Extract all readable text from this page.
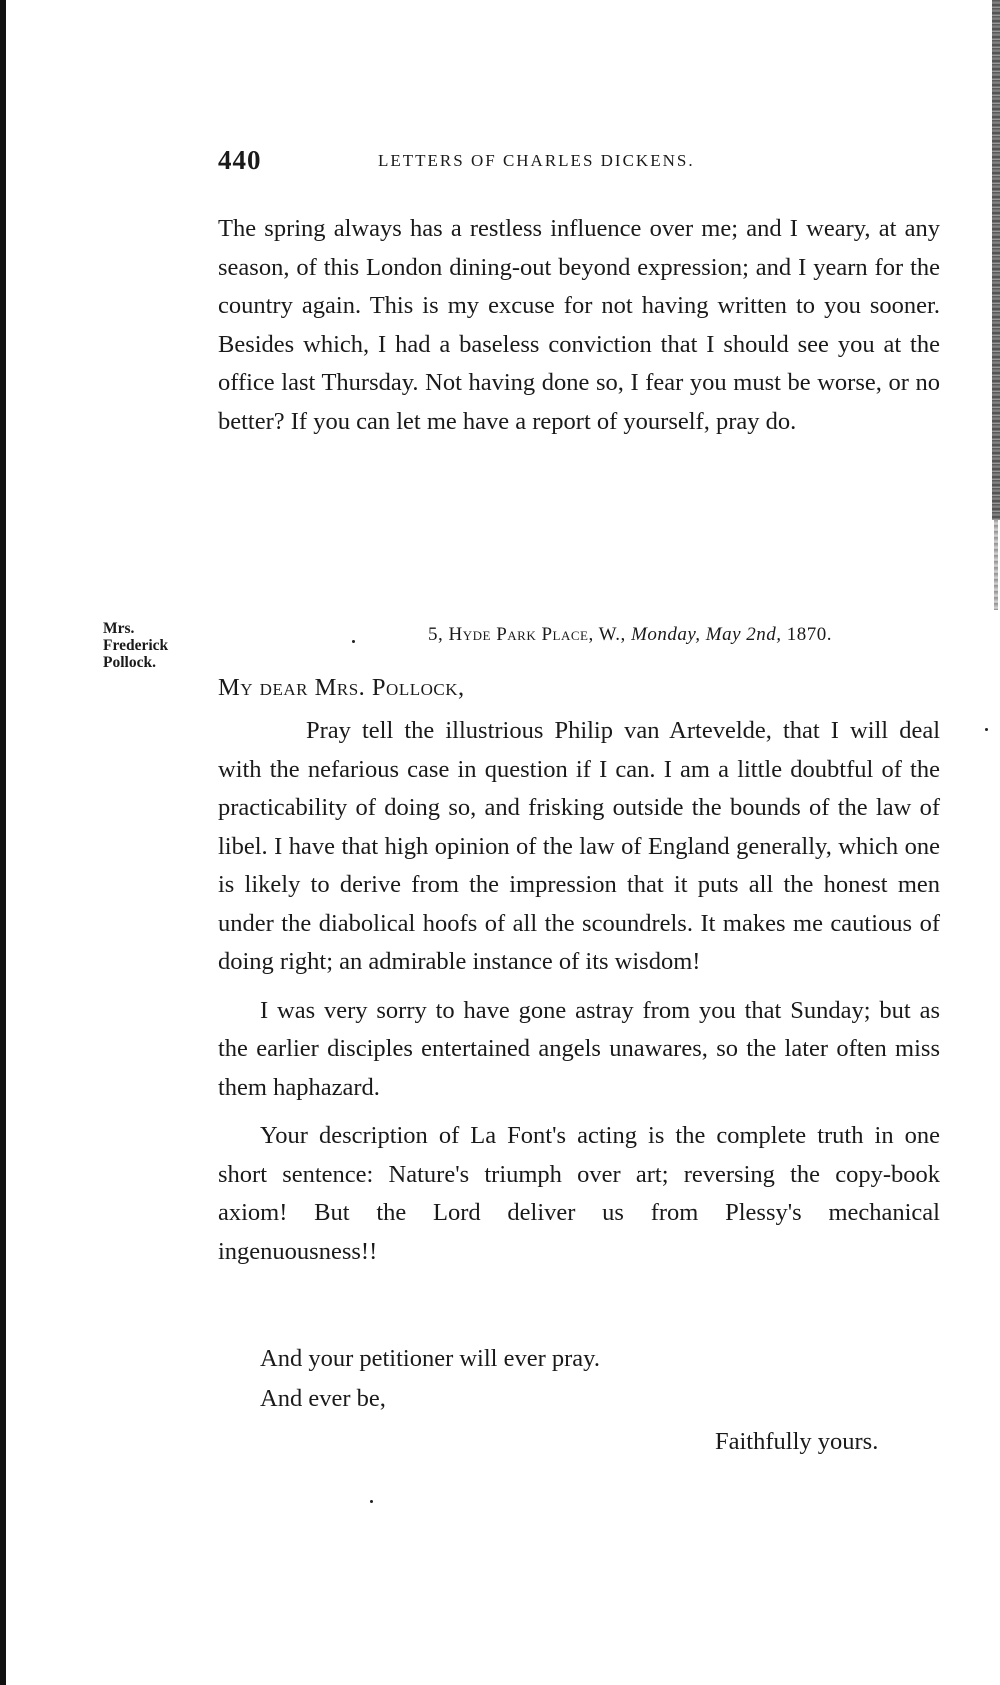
440	LETTERS OF CHARLES DICKENS.
The spring always has a restless influence over me; and I weary, at any season, of this London dining-out beyond expression; and I yearn for the country again. This is my excuse for not having written to you sooner. Besides which, I had a baseless conviction that I should see you at the office last Thursday. Not having done so, I fear you must be worse, or no better? If you can let me have a report of yourself, pray do.
Mrs.
Frederick
Pollock.
5, Hyde Park Place, W., Monday, May 2nd, 1870.
My dear Mrs. Pollock,

Pray tell the illustrious Philip van Artevelde, that I will deal with the nefarious case in question if I can. I am a little doubtful of the practicability of doing so, and frisking outside the bounds of the law of libel. I have that high opinion of the law of England generally, which one is likely to derive from the impression that it puts all the honest men under the diabolical hoofs of all the scoundrels. It makes me cautious of doing right; an admirable instance of its wisdom!

I was very sorry to have gone astray from you that Sunday; but as the earlier disciples entertained angels unawares, so the later often miss them haphazard.

Your description of La Font's acting is the complete truth in one short sentence: Nature's triumph over art; reversing the copy-book axiom! But the Lord deliver us from Plessy's mechanical ingenuousness!!

And your petitioner will ever pray.
And ever be,
Faithfully yours.
